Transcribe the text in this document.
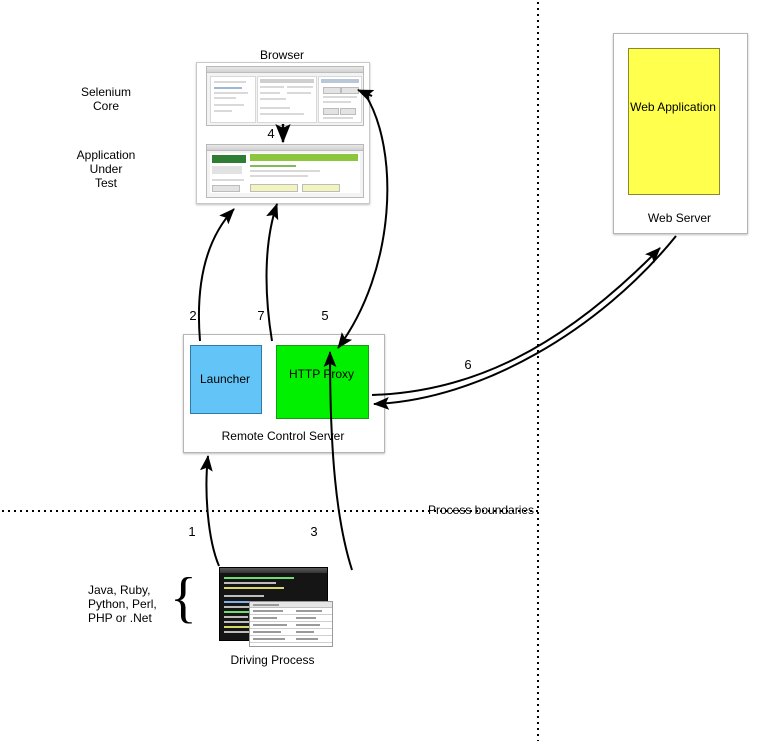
Browser
Selenium
Core
Application
Under
Test
Web Application
Web Server
Launcher	HTTP Proxy
Remote Control Server
Driving Process
{
Java, Ruby,
Python, Perl,
PHP or .Net
Process boundaries
2	7	5
4
1	3
6
